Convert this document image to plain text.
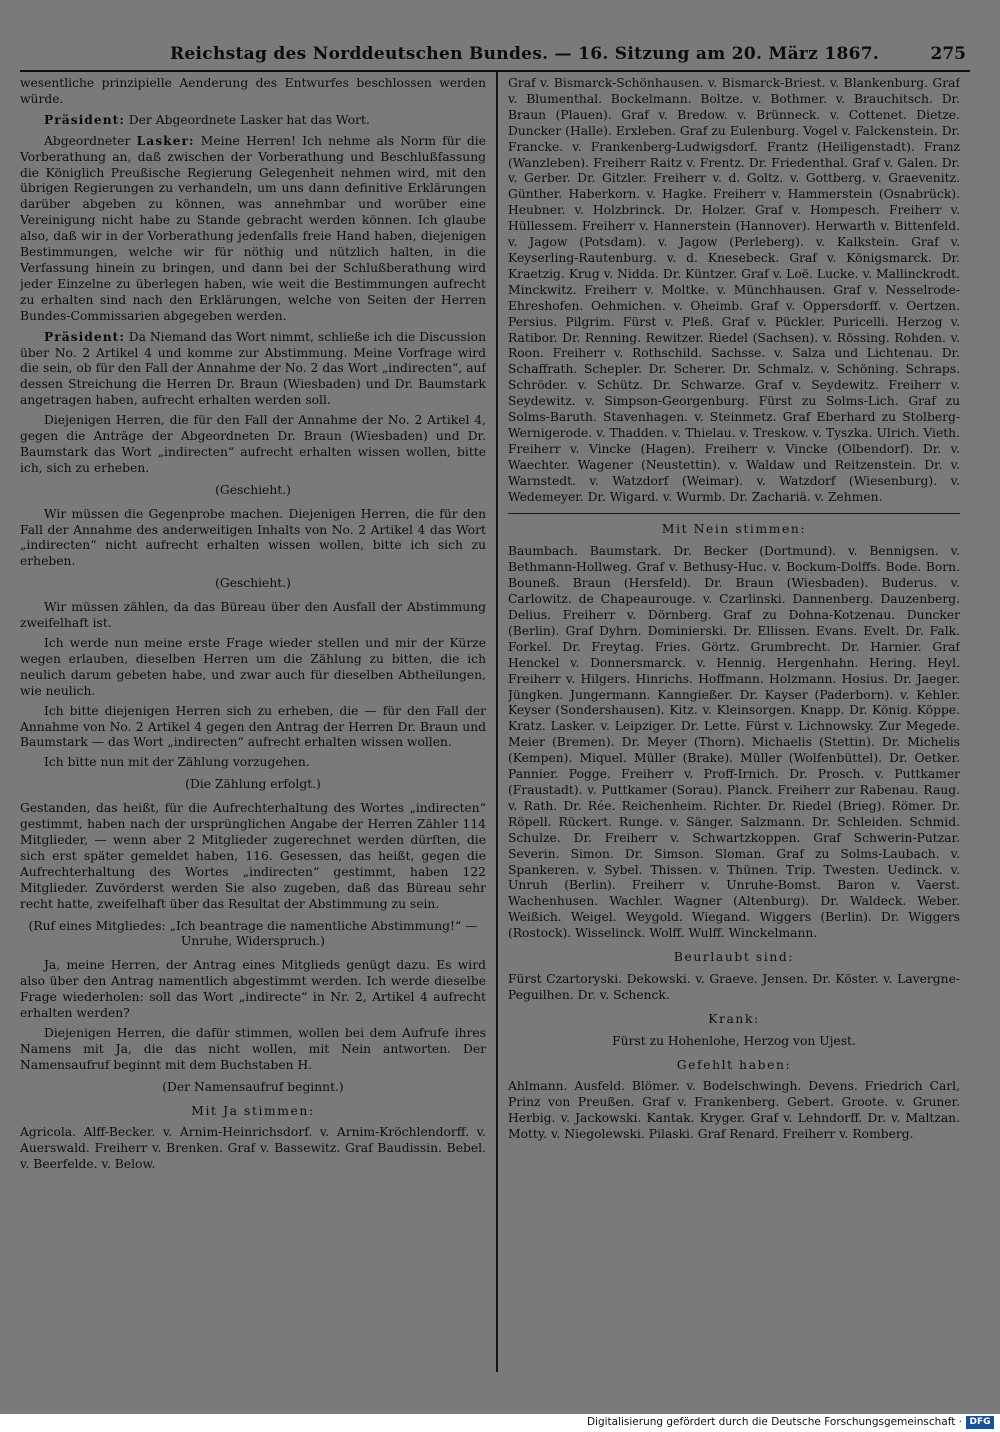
Reichstag des Norddeutschen Bundes. — 16. Sitzung am 20. März 1867.	275

wesentliche prinzipielle Aenderung des Entwurfes beschlossen werden würde.

Präsident: Der Abgeordnete Lasker hat das Wort.

Abgeordneter Lasker: Meine Herren! Ich nehme als Norm für die Vorberathung an, daß zwischen der Vorberathung und Beschlußfassung die Königlich Preußische Regierung Gelegenheit nehmen wird, mit den übrigen Regierungen zu verhandeln, um uns dann definitive Erklärungen darüber abgeben zu können, was annehmbar und worüber eine Vereinigung nicht habe zu Stande gebracht werden können. Ich glaube also, daß wir in der Vorberathung jedenfalls freie Hand haben, diejenigen Bestimmungen, welche wir für nöthig und nützlich halten, in die Verfassung hinein zu bringen, und dann bei der Schlußberathung wird jeder Einzelne zu überlegen haben, wie weit die Bestimmungen aufrecht zu erhalten sind nach den Erklärungen, welche von Seiten der Herren Bundes-Commissarien abgegeben werden.

Präsident: Da Niemand das Wort nimmt, schließe ich die Discussion über No. 2 Artikel 4 und komme zur Abstimmung. Meine Vorfrage wird die sein, ob für den Fall der Annahme der No. 2 das Wort „indirecten“, auf dessen Streichung die Herren Dr. Braun (Wiesbaden) und Dr. Baumstark angetragen haben, aufrecht erhalten werden soll.

Diejenigen Herren, die für den Fall der Annahme der No. 2 Artikel 4, gegen die Anträge der Abgeordneten Dr. Braun (Wiesbaden) und Dr. Baumstark das Wort „indirecten“ aufrecht erhalten wissen wollen, bitte ich, sich zu erheben.

(Geschieht.)

Wir müssen die Gegenprobe machen. Diejenigen Herren, die für den Fall der Annahme des anderweitigen Inhalts von No. 2 Artikel 4 das Wort „indirecten“ nicht aufrecht erhalten wissen wollen, bitte ich sich zu erheben.

(Geschieht.)

Wir müssen zählen, da das Büreau über den Ausfall der Abstimmung zweifelhaft ist.

Ich werde nun meine erste Frage wieder stellen und mir der Kürze wegen erlauben, dieselben Herren um die Zählung zu bitten, die ich neulich darum gebeten habe, und zwar auch für dieselben Abtheilungen, wie neulich.

Ich bitte diejenigen Herren sich zu erheben, die — für den Fall der Annahme von No. 2 Artikel 4 gegen den Antrag der Herren Dr. Braun und Baumstark — das Wort „indirecten“ aufrecht erhalten wissen wollen.

Ich bitte nun mit der Zählung vorzugehen.

(Die Zählung erfolgt.)

Gestanden, das heißt, für die Aufrechterhaltung des Wortes „indirecten“ gestimmt, haben nach der ursprünglichen Angabe der Herren Zähler 114 Mitglieder, — wenn aber 2 Mitglieder zugerechnet werden dürften, die sich erst später gemeldet haben, 116. Gesessen, das heißt, gegen die Aufrechterhaltung des Wortes „indirecten“ gestimmt, haben 122 Mitglieder. Zuvörderst werden Sie also zugeben, daß das Büreau sehr recht hatte, zweifelhaft über das Resultat der Abstimmung zu sein.

(Ruf eines Mitgliedes: „Ich beantrage die namentliche Abstimmung!“ — Unruhe, Widerspruch.)

Ja, meine Herren, der Antrag eines Mitglieds genügt dazu. Es wird also über den Antrag namentlich abgestimmt werden. Ich werde dieselbe Frage wiederholen: soll das Wort „indirecte“ in Nr. 2, Artikel 4 aufrecht erhalten werden?

Diejenigen Herren, die dafür stimmen, wollen bei dem Aufrufe ihres Namens mit Ja, die das nicht wollen, mit Nein antworten. Der Namensaufruf beginnt mit dem Buchstaben H.

(Der Namensaufruf beginnt.)

Mit Ja stimmen:

Agricola. Alff-Becker. v. Arnim-Heinrichsdorf. v. Arnim-Kröchlendorff. v. Auerswald. Freiherr v. Brenken. Graf v. Bassewitz. Graf Baudissin. Bebel. v. Beerfelde. v. Below.

Graf v. Bismarck-Schönhausen. v. Bismarck-Briest. v. Blankenburg. Graf v. Blumenthal. Bockelmann. Boltze. v. Bothmer. v. Brauchitsch. Dr. Braun (Plauen). Graf v. Bredow. v. Brünneck. v. Cottenet. Dietze. Duncker (Halle). Erxleben. Graf zu Eulenburg. Vogel v. Falckenstein. Dr. Francke. v. Frankenberg-Ludwigsdorf. Frantz (Heiligenstadt). Franz (Wanzleben). Freiherr Raitz v. Frentz. Dr. Friedenthal. Graf v. Galen. Dr. v. Gerber. Dr. Gitzler. Freiherr v. d. Goltz. v. Gottberg. v. Graevenitz. Günther. Haberkorn. v. Hagke. Freiherr v. Hammerstein (Osnabrück). Heubner. v. Holzbrinck. Dr. Holzer. Graf v. Hompesch. Freiherr v. Hüllessem. Freiherr v. Hannerstein (Hannover). Herwarth v. Bittenfeld. v. Jagow (Potsdam). v. Jagow (Perleberg). v. Kalkstein. Graf v. Keyserling-Rautenburg. v. d. Knesebeck. Graf v. Königsmarck. Dr. Kraetzig. Krug v. Nidda. Dr. Küntzer. Graf v. Loë. Lucke. v. Mallinckrodt. Minckwitz. Freiherr v. Moltke. v. Münchhausen. Graf v. Nesselrode-Ehreshofen. Oehmichen. v. Oheimb. Graf v. Oppersdorff. v. Oertzen. Persius. Pilgrim. Fürst v. Pleß. Graf v. Pückler. Puricelli. Herzog v. Ratibor. Dr. Renning. Rewitzer. Riedel (Sachsen). v. Rössing. Rohden. v. Roon. Freiherr v. Rothschild. Sachsse. v. Salza und Lichtenau. Dr. Schaffrath. Schepler. Dr. Scherer. Dr. Schmalz. v. Schöning. Schraps. Schröder. v. Schütz. Dr. Schwarze. Graf v. Seydewitz. Freiherr v. Seydewitz. v. Simpson-Georgenburg. Fürst zu Solms-Lich. Graf zu Solms-Baruth. Stavenhagen. v. Steinmetz. Graf Eberhard zu Stolberg-Wernigerode. v. Thadden. v. Thielau. v. Treskow. v. Tyszka. Ulrich. Vieth. Freiherr v. Vincke (Hagen). Freiherr v. Vincke (Olbendorf). Dr. v. Waechter. Wagener (Neustettin). v. Waldaw und Reitzenstein. Dr. v. Warnstedt. v. Watzdorf (Weimar). v. Watzdorf (Wiesenburg). v. Wedemeyer. Dr. Wigard. v. Wurmb. Dr. Zachariä. v. Zehmen.

Mit Nein stimmen:

Baumbach. Baumstark. Dr. Becker (Dortmund). v. Bennigsen. v. Bethmann-Hollweg. Graf v. Bethusy-Huc. v. Bockum-Dolffs. Bode. Born. Bouneß. Braun (Hersfeld). Dr. Braun (Wiesbaden). Buderus. v. Carlowitz. de Chapeaurouge. v. Czarlinski. Dannenberg. Dauzenberg. Delius. Freiherr v. Dörnberg. Graf zu Dohna-Kotzenau. Duncker (Berlin). Graf Dyhrn. Dominierski. Dr. Ellissen. Evans. Evelt. Dr. Falk. Forkel. Dr. Freytag. Fries. Görtz. Grumbrecht. Dr. Harnier. Graf Henckel v. Donnersmarck. v. Hennig. Hergenhahn. Hering. Heyl. Freiherr v. Hilgers. Hinrichs. Hoffmann. Holzmann. Hosius. Dr. Jaeger. Jüngken. Jungermann. Kanngießer. Dr. Kayser (Paderborn). v. Kehler. Keyser (Sondershausen). Kitz. v. Kleinsorgen. Knapp. Dr. König. Köppe. Kratz. Lasker. v. Leipziger. Dr. Lette. Fürst v. Lichnowsky. Zur Megede. Meier (Bremen). Dr. Meyer (Thorn). Michaelis (Stettin). Dr. Michelis (Kempen). Miquel. Müller (Brake). Müller (Wolfenbüttel). Dr. Oetker. Pannier. Pogge. Freiherr v. Proff-Irnich. Dr. Prosch. v. Puttkamer (Fraustadt). v. Puttkamer (Sorau). Planck. Freiherr zur Rabenau. Raug. v. Rath. Dr. Rée. Reichenheim. Richter. Dr. Riedel (Brieg). Römer. Dr. Röpell. Rückert. Runge. v. Sänger. Salzmann. Dr. Schleiden. Schmid. Schulze. Dr. Freiherr v. Schwartzkoppen. Graf Schwerin-Putzar. Severin. Simon. Dr. Simson. Sloman. Graf zu Solms-Laubach. v. Spankeren. v. Sybel. Thissen. v. Thünen. Trip. Twesten. Uedinck. v. Unruh (Berlin). Freiherr v. Unruhe-Bomst. Baron v. Vaerst. Wachenhusen. Wachler. Wagner (Altenburg). Dr. Waldeck. Weber. Weißich. Weigel. Weygold. Wiegand. Wiggers (Berlin). Dr. Wiggers (Rostock). Wisselinck. Wolff. Wulff. Winckelmann.

Beurlaubt sind:

Fürst Czartoryski. Dekowski. v. Graeve. Jensen. Dr. Köster. v. Lavergne-Peguilhen. Dr. v. Schenck.

Krank:

Fürst zu Hohenlohe, Herzog von Ujest.

Gefehlt haben:

Ahlmann. Ausfeld. Blömer. v. Bodelschwingh. Devens. Friedrich Carl, Prinz von Preußen. Graf v. Frankenberg. Gebert. Groote. v. Gruner. Herbig. v. Jackowski. Kantak. Kryger. Graf v. Lehndorff. Dr. v. Maltzan. Motty. v. Niegolewski. Pilaski. Graf Renard. Freiherr v. Romberg.

Digitalisierung gefördert durch die Deutsche Forschungsgemeinschaft · DFG
